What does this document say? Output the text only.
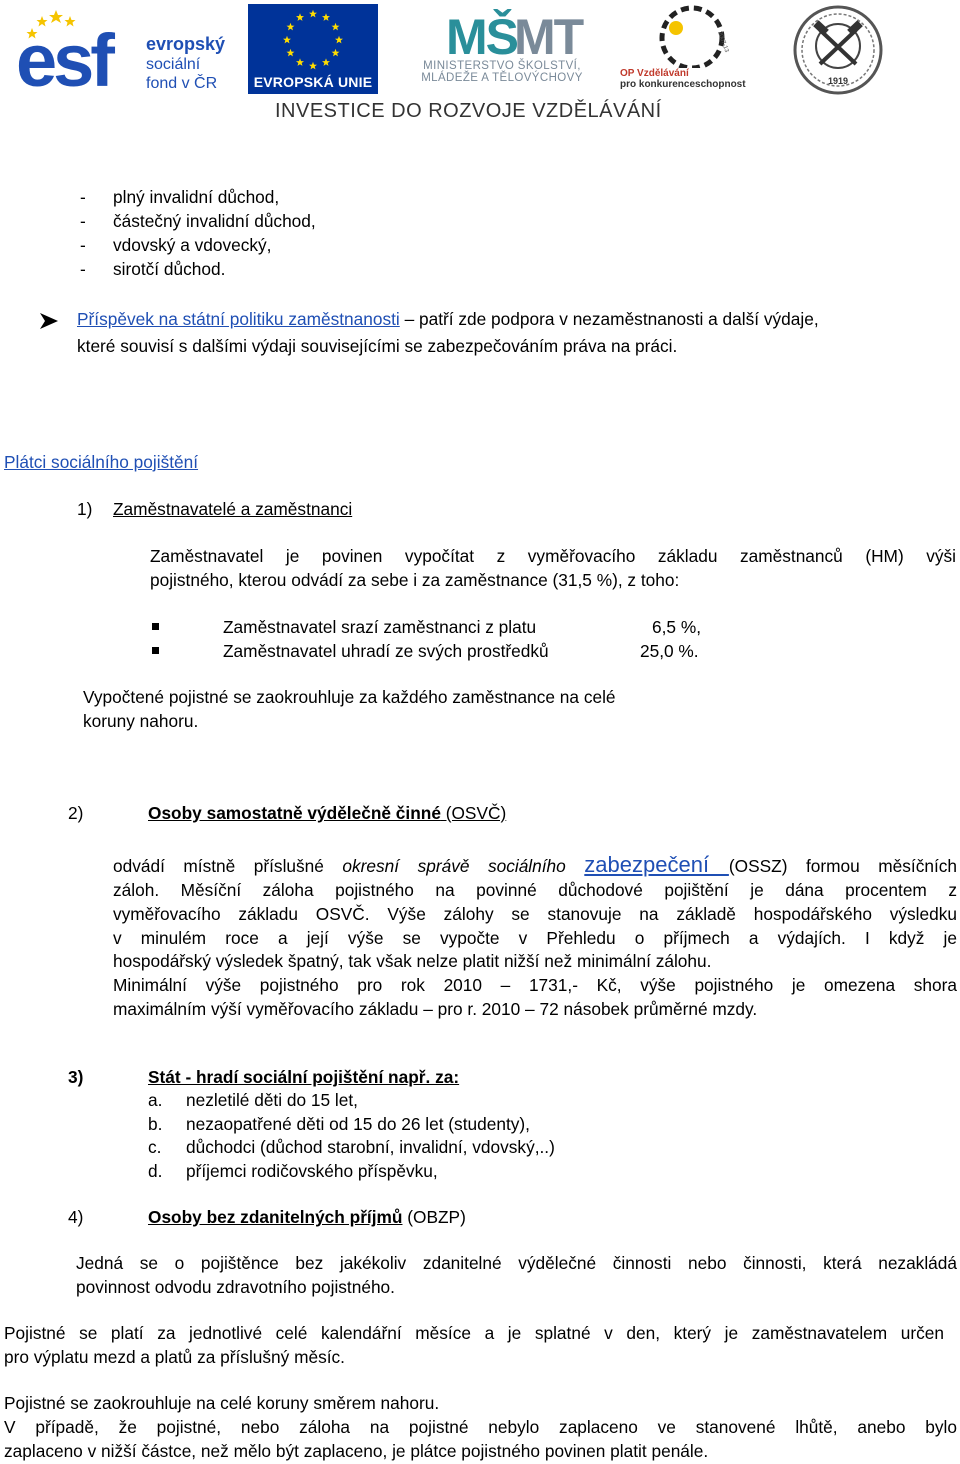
esf evropský
sociální
fond v ČR	EVROPSKÁ UNIE
MŠ
MT
MINISTERSTVO ŠKOLSTVÍ,
MLÁDEŽE A TĚLOVÝCHOVY
2007-13
OP Vzdělávání
pro konkurenceschopnost	1919
INVESTICE DO ROZVOJE VZDĚLÁVÁNÍ
- plný invalidní důchod,
- částečný invalidní důchod,
- vdovský a vdovecký,
- sirotčí důchod.
Příspěvek na státní politiku zaměstnanosti – patří zde podpora v nezaměstnanosti a další výdaje,
které souvisí s dalšími výdaji souvisejícími se zabezpečováním práva na práci.
Plátci sociálního pojištění
1) Zaměstnavatelé a zaměstnanci
Zaměstnavatel je povinen vypočítat z vyměřovacího základu zaměstnanců (HM) výši
pojistného, kterou odvádí za sebe i za zaměstnance (31,5 %), z toho:
Zaměstnavatel srazí zaměstnanci z platu	6,5 %,
Zaměstnavatel uhradí ze svých prostředků	25,0 %.
Vypočtené pojistné se zaokrouhluje za každého zaměstnance na celé
koruny nahoru.
2)	Osoby samostatně výdělečně činné (OSVČ)
odvádí místně příslušné okresní správě sociálního zabezpečení (OSSZ) formou měsíčních
záloh. Měsíční záloha pojistného na povinné důchodové pojištění je dána procentem z
vyměřovacího základu OSVČ. Výše zálohy se stanovuje na základě hospodářského výsledku
v minulém roce a její výše se vypočte v Přehledu o příjmech a výdajích. I když je
hospodářský výsledek špatný, tak však nelze platit nižší než minimální zálohu.
Minimální výše pojistného pro rok 2010 – 1731,- Kč, výše pojistného je omezena shora
maximálním výší vyměřovacího základu – pro r. 2010 – 72 násobek průměrné mzdy.
3)	Stát - hradí sociální pojištění např. za:
a. nezletilé děti do 15 let,
b. nezaopatřené děti od 15 do 26 let (studenty),
c. důchodci (důchod starobní, invalidní, vdovský,..)
d. příjemci rodičovského příspěvku,
4)	Osoby bez zdanitelných příjmů (OBZP)
Jedná se o pojištěnce bez jakékoliv zdanitelné výdělečné činnosti nebo činnosti, která nezakládá
povinnost odvodu zdravotního pojistného.
Pojistné se platí za jednotlivé celé kalendářní měsíce a je splatné v den, který je zaměstnavatelem určen
pro výplatu mezd a platů za příslušný měsíc.
Pojistné se zaokrouhluje na celé koruny směrem nahoru.
V případě, že pojistné, nebo záloha na pojistné nebylo zaplaceno ve stanovené lhůtě, anebo bylo
zaplaceno v nižší částce, než mělo být zaplaceno, je plátce pojistného povinen platit penále.
